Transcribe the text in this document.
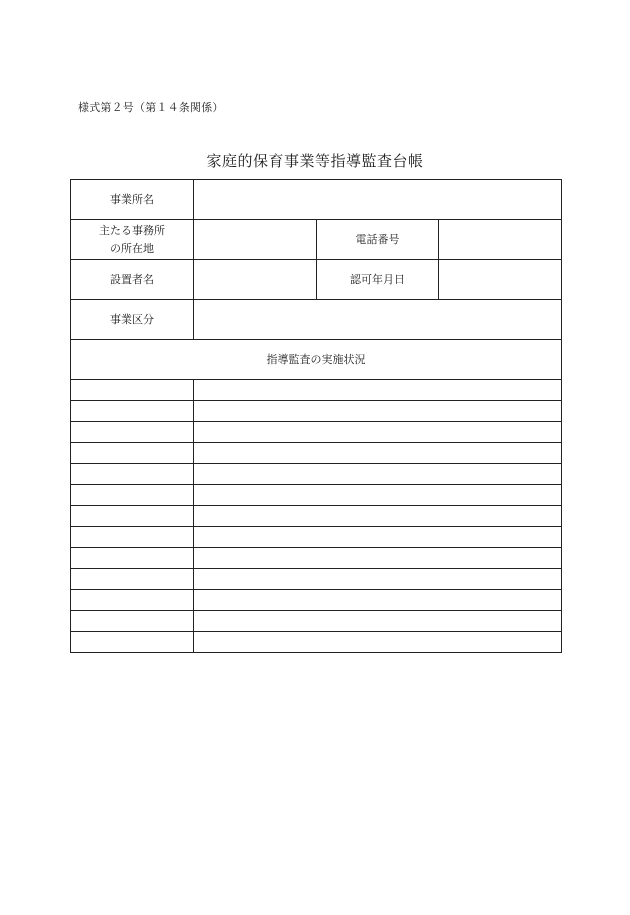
様式第２号（第１４条関係）
家庭的保育事業等指導監査台帳
事業所名			
主たる事務所
の所在地		電話番号	
設置者名		認可年月日	
事業区分			
指導監査の実施状況			
